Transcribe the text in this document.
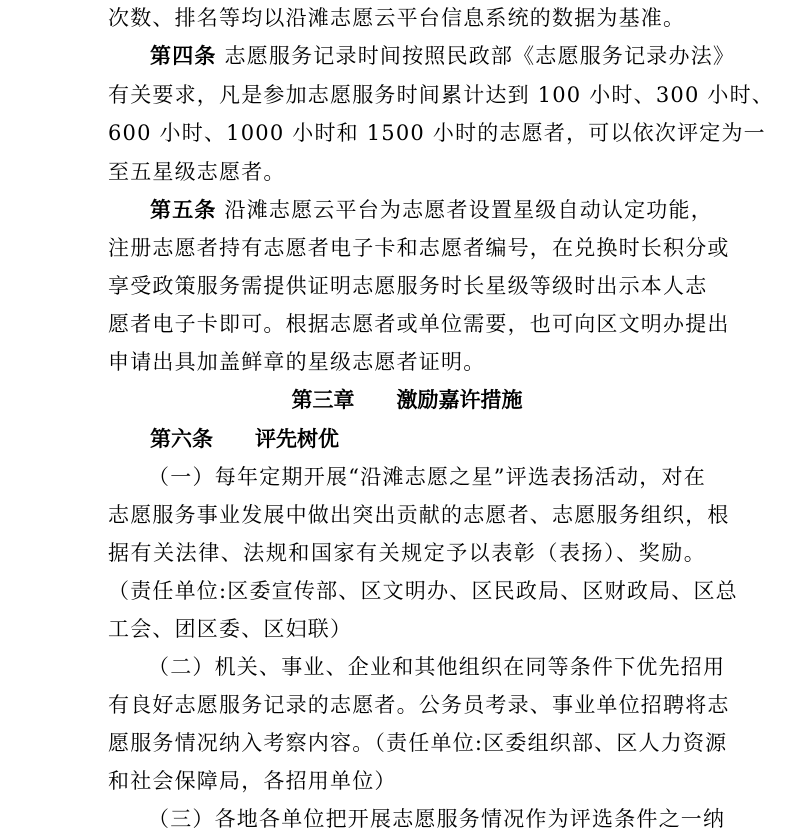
次数、排名等均以沿滩志愿云平台信息系统的数据为基准。
第四条 志愿服务记录时间按照民政部《志愿服务记录办法》
有关要求，凡是参加志愿服务时间累计达到 100 小时、300 小时、
600 小时、1000 小时和 1500 小时的志愿者，可以依次评定为一
至五星级志愿者。
第五条 沿滩志愿云平台为志愿者设置星级自动认定功能，
注册志愿者持有志愿者电子卡和志愿者编号，在兑换时长积分或
享受政策服务需提供证明志愿服务时长星级等级时出示本人志
愿者电子卡即可。根据志愿者或单位需要，也可向区文明办提出
申请出具加盖鲜章的星级志愿者证明。
第三章 激励嘉许措施
第六条 评先树优
（一）每年定期开展“沿滩志愿之星”评选表扬活动，对在
志愿服务事业发展中做出突出贡献的志愿者、志愿服务组织，根
据有关法律、法规和国家有关规定予以表彰（表扬）、奖励。
（责任单位:区委宣传部、区文明办、区民政局、区财政局、区总
工会、团区委、区妇联）
（二）机关、事业、企业和其他组织在同等条件下优先招用
有良好志愿服务记录的志愿者。公务员考录、事业单位招聘将志
愿服务情况纳入考察内容。（责任单位:区委组织部、区人力资源
和社会保障局，各招用单位）
（三）各地各单位把开展志愿服务情况作为评选条件之一纳
